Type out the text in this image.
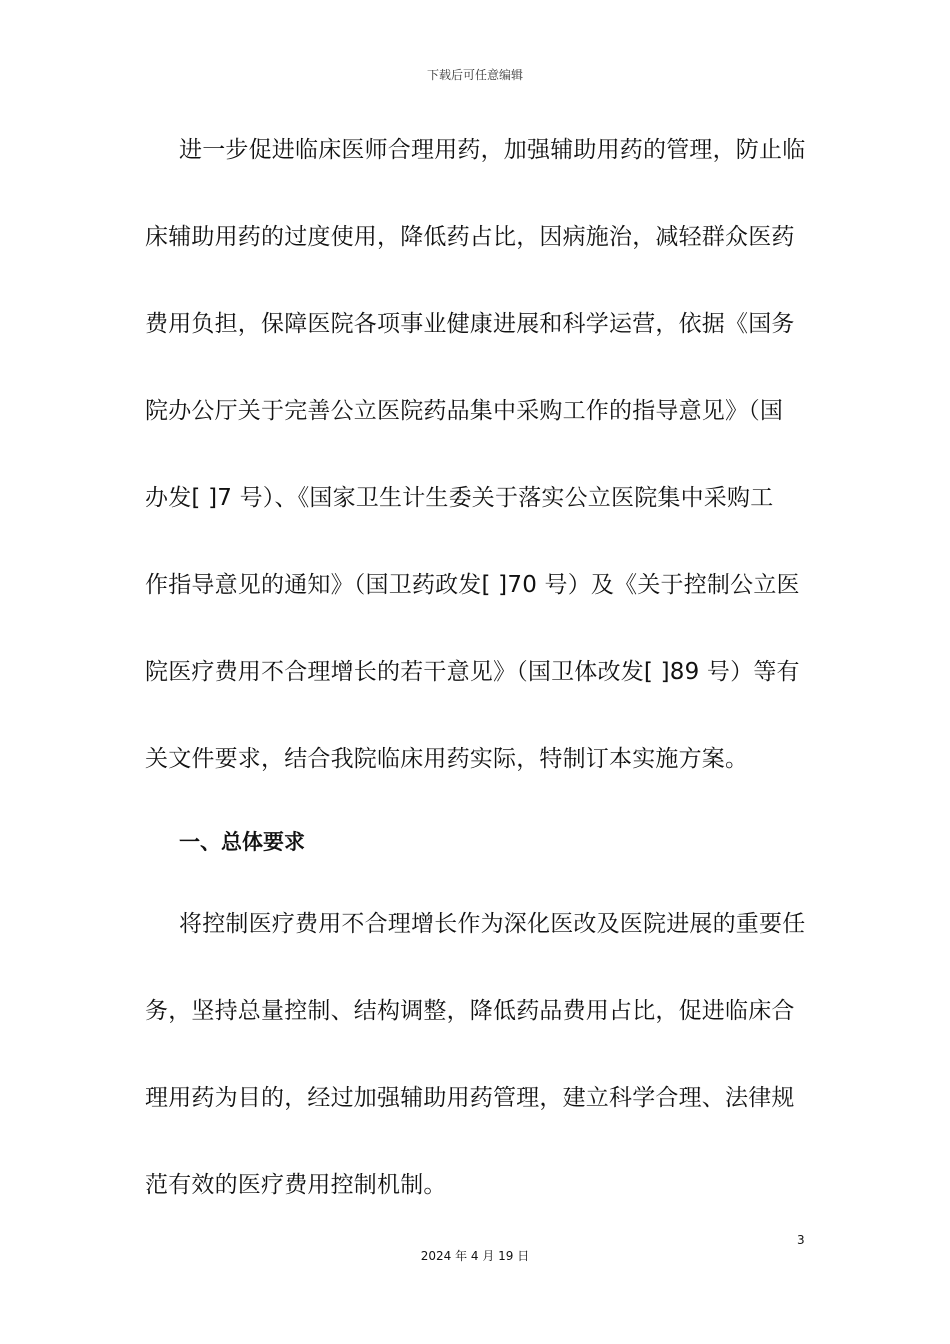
下载后可任意编辑
进一步促进临床医师合理用药，加强辅助用药的管理，防止临
床辅助用药的过度使用，降低药占比，因病施治，减轻群众医药
费用负担，保障医院各项事业健康进展和科学运营，依据《国务
院办公厅关于完善公立医院药品集中采购工作的指导意见》（国
办发[ ]7 号）、《国家卫生计生委关于落实公立医院集中采购工
作指导意见的通知》（国卫药政发[ ]70 号）及《关于控制公立医
院医疗费用不合理增长的若干意见》（国卫体改发[ ]89 号）等有
关文件要求，结合我院临床用药实际，特制订本实施方案。
一、总体要求
将控制医疗费用不合理增长作为深化医改及医院进展的重要任
务，坚持总量控制、结构调整，降低药品费用占比，促进临床合
理用药为目的，经过加强辅助用药管理，建立科学合理、法律规
范有效的医疗费用控制机制。
3
2024 年 4 月 19 日
